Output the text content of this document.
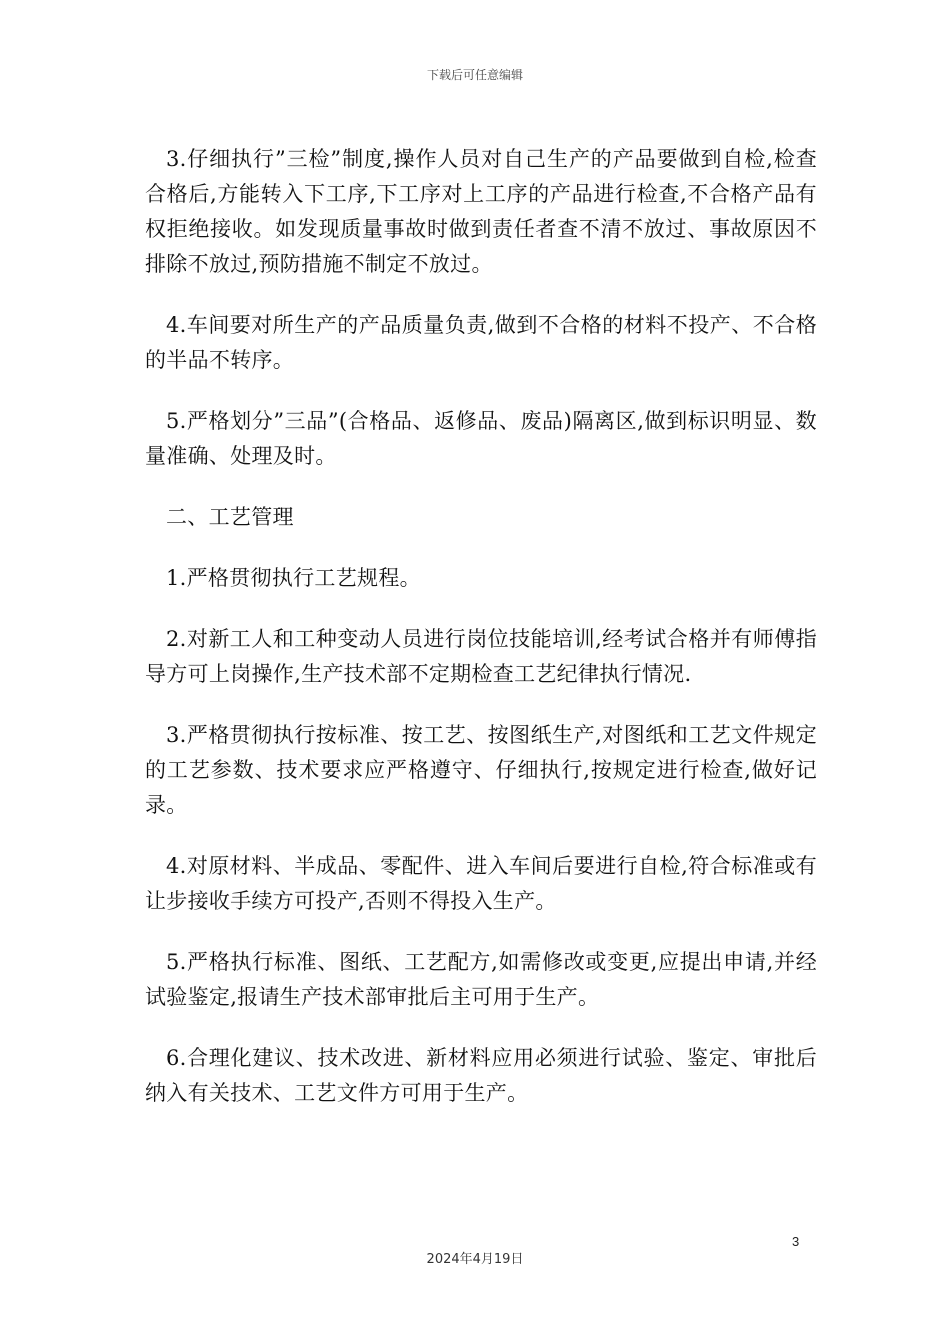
下载后可任意编辑

3.仔细执行”三检”制度,操作人员对自己生产的产品要做到自检,检查合格后,方能转入下工序,下工序对上工序的产品进行检查,不合格产品有权拒绝接收。如发现质量事故时做到责任者查不清不放过、事故原因不排除不放过,预防措施不制定不放过。

4.车间要对所生产的产品质量负责,做到不合格的材料不投产、不合格的半品不转序。

5.严格划分”三品”(合格品、返修品、废品)隔离区,做到标识明显、数量准确、处理及时。

二、工艺管理

1.严格贯彻执行工艺规程。

2.对新工人和工种变动人员进行岗位技能培训,经考试合格并有师傅指导方可上岗操作,生产技术部不定期检查工艺纪律执行情况.

3.严格贯彻执行按标准、按工艺、按图纸生产,对图纸和工艺文件规定的工艺参数、技术要求应严格遵守、仔细执行,按规定进行检查,做好记录。

4.对原材料、半成品、零配件、进入车间后要进行自检,符合标准或有让步接收手续方可投产,否则不得投入生产。

5.严格执行标准、图纸、工艺配方,如需修改或变更,应提出申请,并经试验鉴定,报请生产技术部审批后主可用于生产。

6.合理化建议、技术改进、新材料应用必须进行试验、鉴定、审批后纳入有关技术、工艺文件方可用于生产。

3
2024年4月19日
